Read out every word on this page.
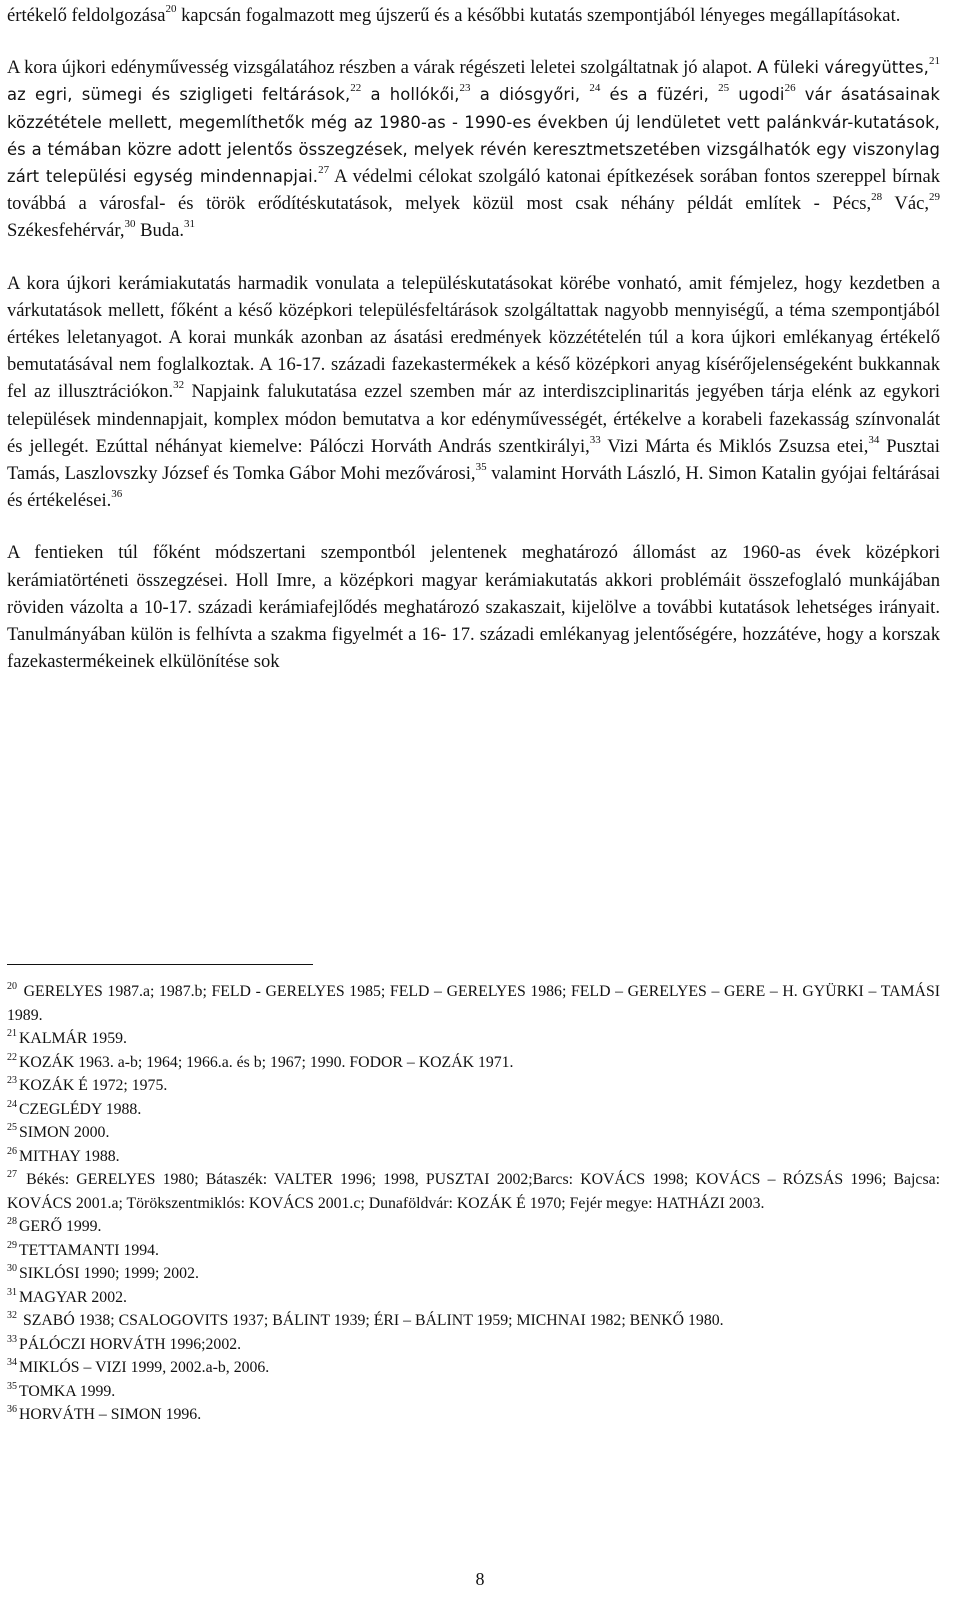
értékelő feldolgozása$^{20}$ kapcsán fogalmazott meg újszerű és a későbbi kutatás szempontjából lényeges megállapításokat.

A kora újkori edényművesség vizsgálatához részben a várak régészeti leletei szolgáltatnak jó alapot. A füleki váregyüttes,$^{21}$ az egri, sümegi és szigligeti feltárások,$^{22}$ a hollókői,$^{23}$ a diósgyőri, $^{24}$ és a füzéri, $^{25}$ ugodi$^{26}$ vár ásatásainak közzététele mellett, megemlíthetők még az 1980-as - 1990-es években új lendületet vett palánkvár-kutatások, és a témában közre adott jelentős összegzések, melyek révén keresztmetszetében vizsgálhatók egy viszonylag zárt települési egység mindennapjai.$^{27}$ A védelmi célokat szolgáló katonai építkezések sorában fontos szereppel bírnak továbbá a városfal- és török erődítéskutatások, melyek közül most csak néhány példát említek - Pécs,$^{28}$ Vác,$^{29}$ Székesfehérvár,$^{30}$ Buda.$^{31}$

A kora újkori kerámiakutatás harmadik vonulata a településkutatásokat körébe vonható, amit fémjelez, hogy kezdetben a várkutatások mellett, főként a késő középkori településfeltárások szolgáltattak nagyobb mennyiségű, a téma szempontjából értékes leletanyagot. A korai munkák azonban az ásatási eredmények közzétételén túl a kora újkori emlékanyag értékelő bemutatásával nem foglalkoztak. A 16-17. századi fazekastermékek a késő középkori anyag kísérőjelenségeként bukkannak fel az illusztrációkon.$^{32}$ Napjaink falukutatása ezzel szemben már az interdiszciplinaritás jegyében tárja elénk az egykori települések mindennapjait, komplex módon bemutatva a kor edényművességét, értékelve a korabeli fazekasság színvonalát és jellegét. Ezúttal néhányat kiemelve: Pálóczi Horváth András szentkirályi,$^{33}$ Vizi Márta és Miklós Zsuzsa etei,$^{34}$ Pusztai Tamás, Laszlovszky József és Tomka Gábor Mohi mezővárosi,$^{35}$ valamint Horváth László, H. Simon Katalin gyójai feltárásai és értékelései.$^{36}$

A fentieken túl főként módszertani szempontból jelentenek meghatározó állomást az 1960-as évek középkori kerámiatörténeti összegzései. Holl Imre, a középkori magyar kerámiakutatás akkori problémáit összefoglaló munkájában röviden vázolta a 10-17. századi kerámiafejlődés meghatározó szakaszait, kijelölve a további kutatások lehetséges irányait. Tanulmányában külön is felhívta a szakma figyelmét a 16- 17. századi emlékanyag jelentőségére, hozzátéve, hogy a korszak fazekastermékeinek elkülönítése sok

$^{20}$ GERELYES 1987.a; 1987.b; FELD - GERELYES 1985; FELD – GERELYES 1986; FELD – GERELYES – GERE – H. GYÜRKI – TAMÁSI 1989.

$^{21}$ KALMÁR 1959.

$^{22}$ KOZÁK 1963. a-b; 1964; 1966.a. és b; 1967; 1990. FODOR – KOZÁK 1971.

$^{23}$ KOZÁK É 1972; 1975.

$^{24}$ CZEGLÉDY 1988.

$^{25}$ SIMON 2000.

$^{26}$ MITHAY 1988.

$^{27}$ Békés: GERELYES 1980; Bátaszék: VALTER 1996; 1998, PUSZTAI 2002;Barcs: KOVÁCS 1998; KOVÁCS – RÓZSÁS 1996; Bajcsa: KOVÁCS 2001.a; Törökszentmiklós: KOVÁCS 2001.c; Dunaföldvár: KOZÁK É 1970; Fejér megye: HATHÁZI 2003.

$^{28}$ GERŐ 1999.

$^{29}$ TETTAMANTI 1994.

$^{30}$ SIKLÓSI 1990; 1999; 2002.

$^{31}$ MAGYAR 2002.

$^{32}$ SZABÓ 1938; CSALOGOVITS 1937; BÁLINT 1939; ÉRI – BÁLINT 1959; MICHNAI 1982; BENKŐ 1980.

$^{33}$ PÁLÓCZI HORVÁTH 1996;2002.

$^{34}$ MIKLÓS – VIZI 1999, 2002.a-b, 2006.

$^{35}$ TOMKA 1999.

$^{36}$ HORVÁTH – SIMON 1996.

8
